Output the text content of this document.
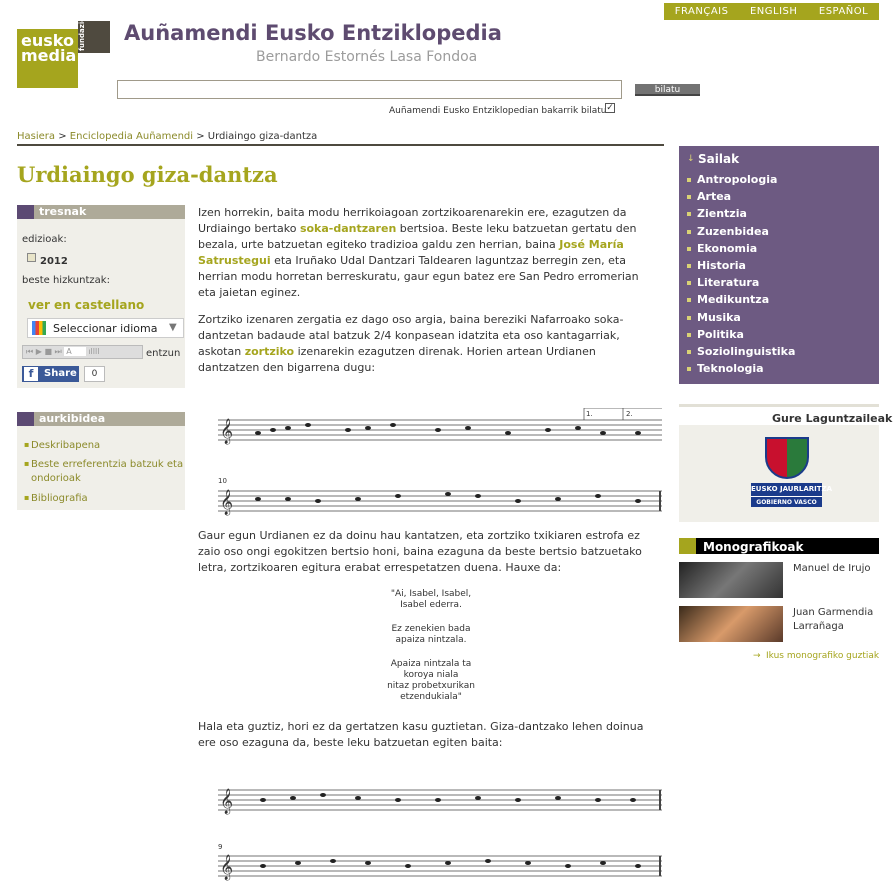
FRANÇAIS ENGLISH ESPAÑOL
eusko media
fundazioa	Auñamendi Eusko Entziklopedia
Bernardo Estornés Lasa Fondoa
bilatu
Auñamendi Eusko Entziklopedian bakarrik bilatu ✓
Hasiera > Enciclopedia Auñamendi > Urdiaingo giza-dantza
Urdiaingo giza-dantza
tresnak
edizioak:
2012
beste hizkuntzak:
ver en castellano
Seleccionar idioma ▼
⏮ ▶ ■ ⏭ A ıllll	entzun
f	Share	0
aurkibidea
▪ Deskribapena
▪ Beste erreferentzia batzuk eta
ondorioak
▪ Bibliografia
Izen horrekin, baita modu herrikoiagoan zortzikoarenarekin ere, ezagutzen da
Urdiaingo bertako soka-dantzaren bertsioa. Beste leku batzuetan gertatu den
bezala, urte batzuetan egiteko tradizioa galdu zen herrian, baina José María
Satrustegui eta Iruñako Udal Dantzari Taldearen laguntzaz berregin zen, eta
herrian modu horretan berreskuratu, gaur egun batez ere San Pedro erromerian
eta jaietan eginez.
Zortziko izenaren zergatia ez dago oso argia, baina bereziki Nafarroako soka-
dantzetan badaude atal batzuk 2/4 konpasean idatzita eta oso kantagarriak,
askotan zortziko izenarekin ezagutzen direnak. Horien artean Urdianen
dantzatzen den bigarrena dugu:
𝄞
1.	2.
𝄞
10
Gaur egun Urdianen ez da doinu hau kantatzen, eta zortziko txikiaren estrofa ez
zaio oso ongi egokitzen bertsio honi, baina ezaguna da beste bertsio batzuetako
letra, zortzikoaren egitura erabat errespetatzen duena. Hauxe da:
"Ai, Isabel, Isabel,
Isabel ederra.
Ez zenekien bada
apaiza nintzala.
Apaiza nintzala ta
koroya niala
nitaz probetxurikan
etzendukiala"
Hala eta guztiz, hori ez da gertatzen kasu guztietan. Giza-dantzako lehen doinua
ere oso ezaguna da, beste leku batzuetan egiten baita:
𝄞
𝄞
9
↓ Sailak
Antropologia
Artea
Zientzia
Zuzenbidea
Ekonomia
Historia
Literatura
Medikuntza
Musika
Politika
Soziolinguistika
Teknologia
Gure Laguntzaileak
EUSKO JAURLARITZA
GOBIERNO VASCO
Monografikoak
Manuel de Irujo
Juan Garmendia
Larrañaga
→ Ikus monografiko guztiak
